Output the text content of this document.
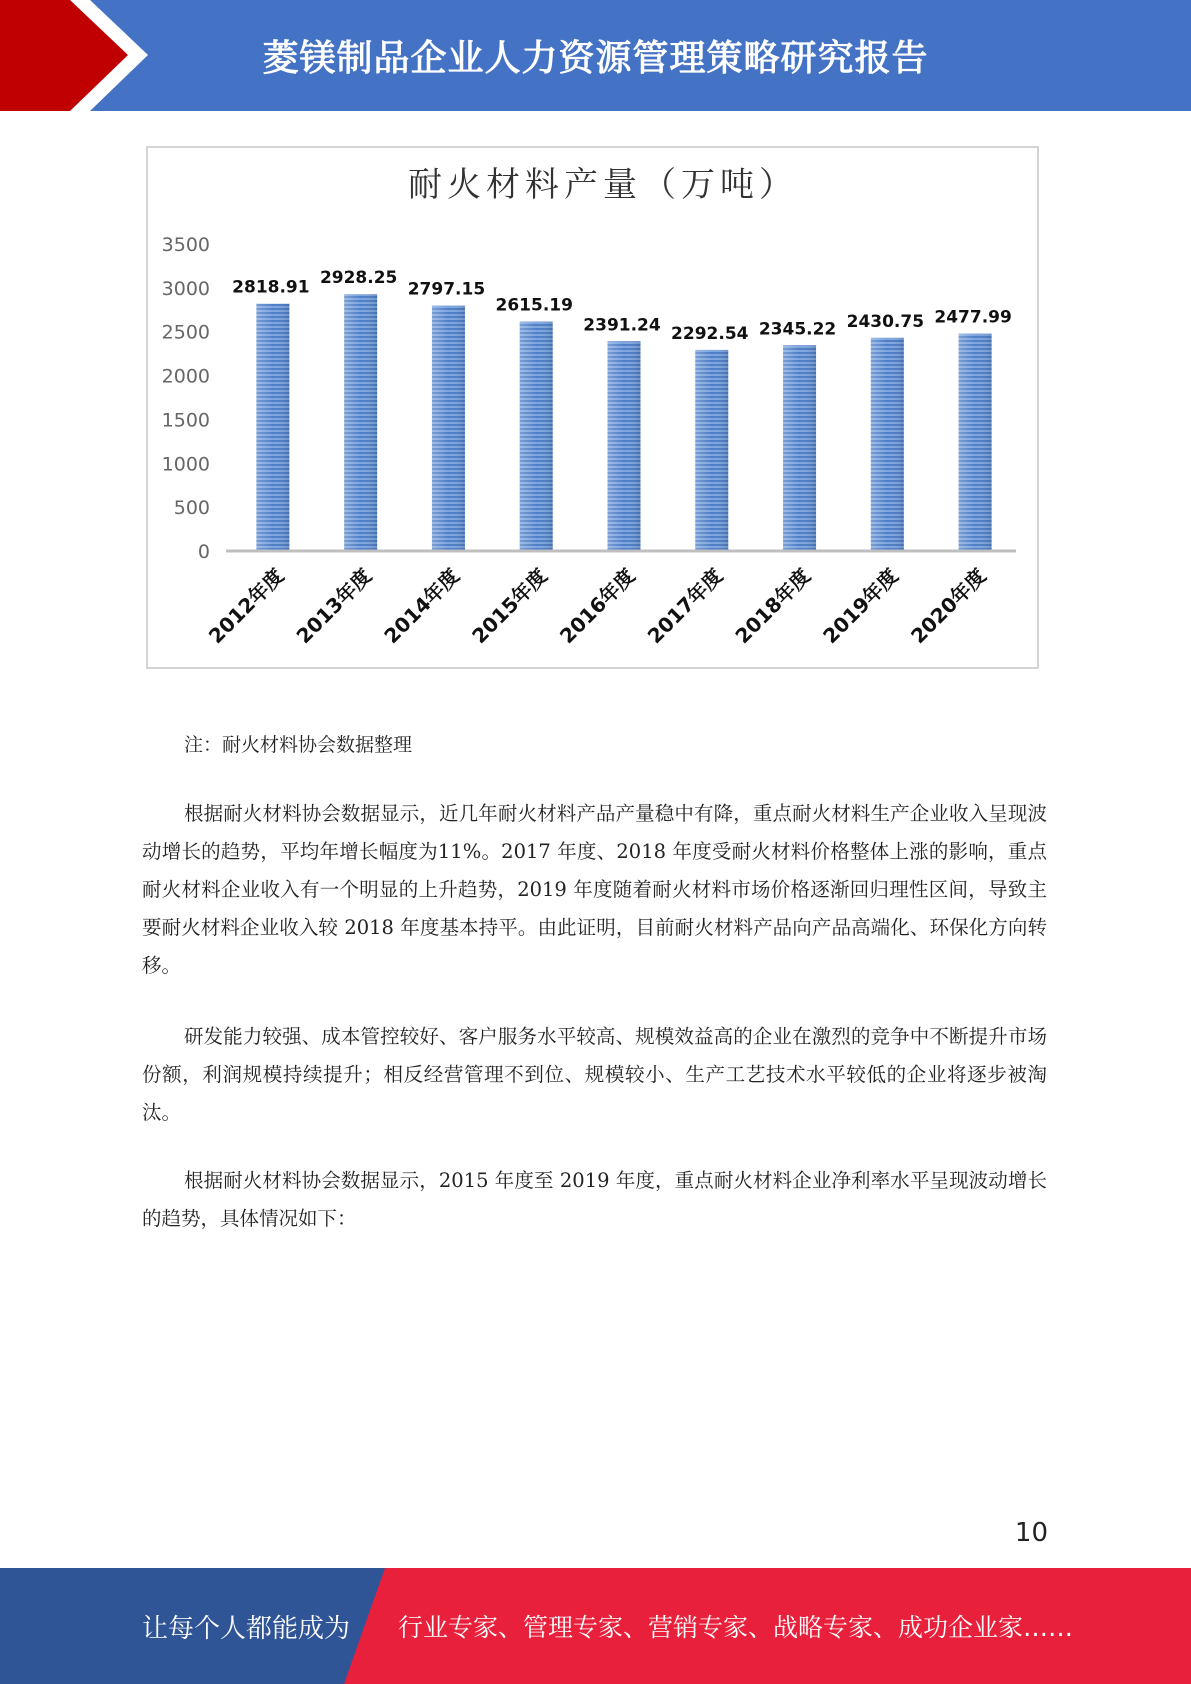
菱镁制品企业人力资源管理策略研究报告
耐火材料产量（万吨）
0
500
1000
1500
2000
2500
3000
3500
2818.91 2928.25
2797.15
2615.19
2391.24 2292.54 2345.22 2430.75 2477.99
2012年度 2013年度 2014年度 2015年度 2016年度 2017年度 2018年度 2019年度 2020年度
注：耐火材料协会数据整理

根据耐火材料协会数据显示，近几年耐火材料产品产量稳中有降，重点耐火材料生产企业收入呈现波动增长的趋势，平均年增长幅度为11%。2017 年度、2018 年度受耐火材料价格整体上涨的影响，重点耐火材料企业收入有一个明显的上升趋势，2019 年度随着耐火材料市场价格逐渐回归理性区间，导致主要耐火材料企业收入较 2018 年度基本持平。由此证明，目前耐火材料产品向产品高端化、环保化方向转移。

研发能力较强、成本管控较好、客户服务水平较高、规模效益高的企业在激烈的竞争中不断提升市场份额，利润规模持续提升；相反经营管理不到位、规模较小、生产工艺技术水平较低的企业将逐步被淘汰。

根据耐火材料协会数据显示，2015 年度至 2019 年度，重点耐火材料企业净利率水平呈现波动增长的趋势，具体情况如下：

10
让每个人都能成为 行业专家、管理专家、营销专家、战略专家、成功企业家……
